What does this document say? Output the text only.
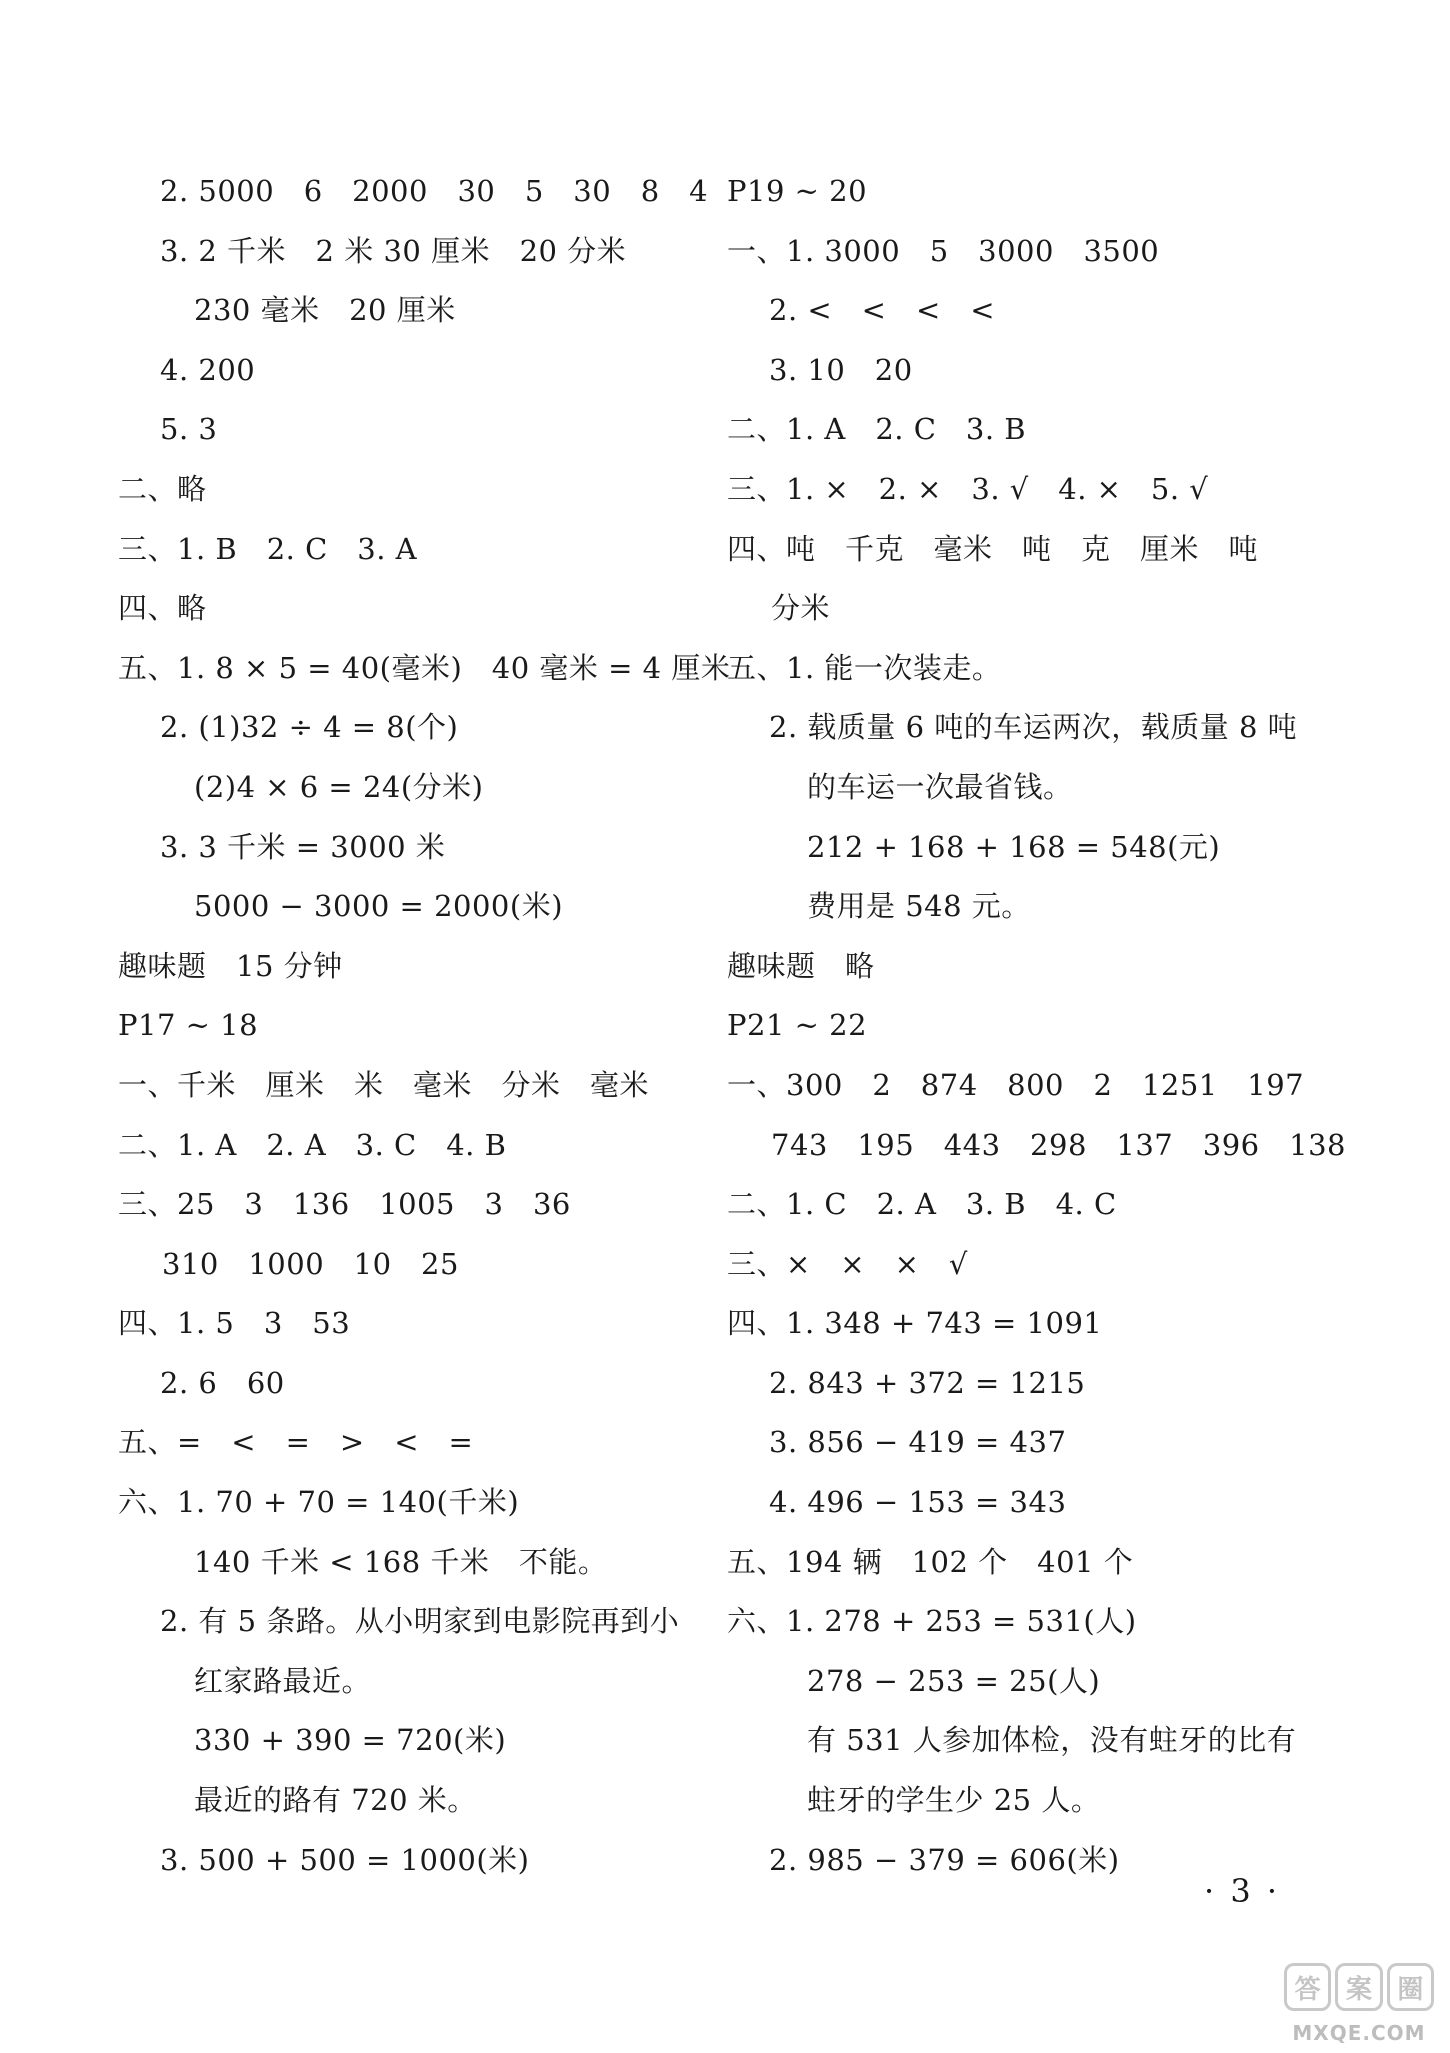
2. 5000　6　2000　30　5　30　8　4
3. 2 千米　2 米 30 厘米　20 分米
230 毫米　20 厘米
4. 200
5. 3
二、略
三、1. B　2. C　3. A
四、略
五、1. 8 × 5 = 40(毫米)　40 毫米 = 4 厘米
2. (1)32 ÷ 4 = 8(个)
(2)4 × 6 = 24(分米)
3. 3 千米 = 3000 米
5000 − 3000 = 2000(米)
趣味题　15 分钟
P17 ~ 18
一、千米　厘米　米　毫米　分米　毫米
二、1. A　2. A　3. C　4. B
三、25　3　136　1005　3　36
310　1000　10　25
四、1. 5　3　53
2. 6　60
五、=　<　=　>　<　=
六、1. 70 + 70 = 140(千米)
140 千米 < 168 千米　不能。
2. 有 5 条路。从小明家到电影院再到小
红家路最近。
330 + 390 = 720(米)
最近的路有 720 米。
3. 500 + 500 = 1000(米)
P19 ~ 20
一、1. 3000　5　3000　3500
2. <　<　<　<
3. 10　20
二、1. A　2. C　3. B
三、1. ×　2. ×　3. √　4. ×　5. √
四、吨　千克　毫米　吨　克　厘米　吨
分米
五、1. 能一次装走。
2. 载质量 6 吨的车运两次，载质量 8 吨
的车运一次最省钱。
212 + 168 + 168 = 548(元)
费用是 548 元。
趣味题　略
P21 ~ 22
一、300　2　874　800　2　1251　197
743　195　443　298　137　396　138
二、1. C　2. A　3. B　4. C
三、×　×　×　√
四、1. 348 + 743 = 1091
2. 843 + 372 = 1215
3. 856 − 419 = 437
4. 496 − 153 = 343
五、194 辆　102 个　401 个
六、1. 278 + 253 = 531(人)
278 − 253 = 25(人)
有 531 人参加体检，没有蛀牙的比有
蛀牙的学生少 25 人。
2. 985 − 379 = 606(米)
· 3 ·
答 案 圈
MXQE.COM
